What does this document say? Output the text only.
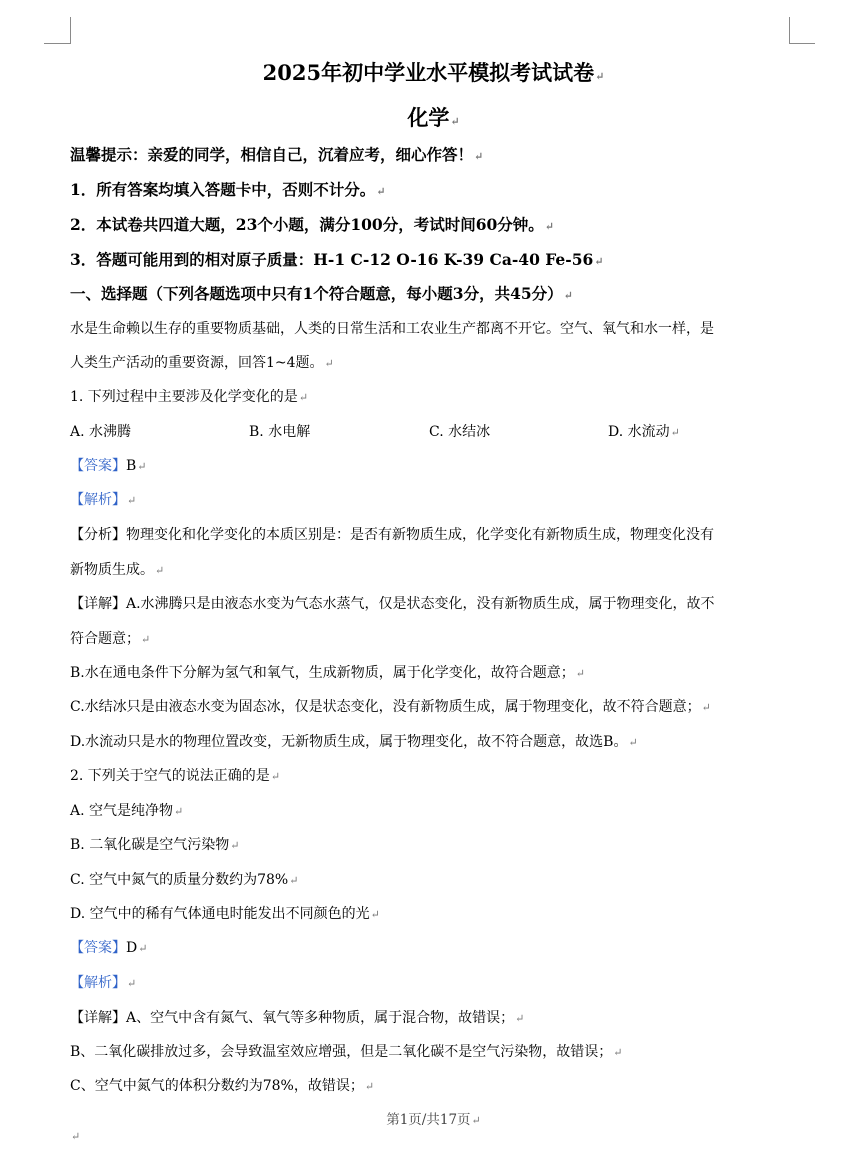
2025年初中学业水平模拟考试试卷↵
化学↵
温馨提示：亲爱的同学，相信自己，沉着应考，细心作答！↵
1．所有答案均填入答题卡中，否则不计分。↵
2．本试卷共四道大题，23个小题，满分100分，考试时间60分钟。↵
3．答题可能用到的相对原子质量：H-1 C-12 O-16 K-39 Ca-40 Fe-56↵
一、选择题（下列各题选项中只有1个符合题意，每小题3分，共45分）↵
水是生命赖以生存的重要物质基础，人类的日常生活和工农业生产都离不开它。空气、氧气和水一样，是
人类生产活动的重要资源，回答1~4题。↵
1. 下列过程中主要涉及化学变化的是↵
A. 水沸腾	B. 水电解	C. 水结冰	D. 水流动↵
【答案】B↵
【解析】↵
【分析】物理变化和化学变化的本质区别是：是否有新物质生成，化学变化有新物质生成，物理变化没有
新物质生成。↵
【详解】A.水沸腾只是由液态水变为气态水蒸气，仅是状态变化，没有新物质生成，属于物理变化，故不
符合题意；↵
B.水在通电条件下分解为氢气和氧气，生成新物质，属于化学变化，故符合题意；↵
C.水结冰只是由液态水变为固态冰，仅是状态变化，没有新物质生成，属于物理变化，故不符合题意；↵
D.水流动只是水的物理位置改变，无新物质生成，属于物理变化，故不符合题意，故选B。↵
2. 下列关于空气的说法正确的是↵
A. 空气是纯净物↵
B. 二氧化碳是空气污染物↵
C. 空气中氮气的质量分数约为78%↵
D. 空气中的稀有气体通电时能发出不同颜色的光↵
【答案】D↵
【解析】↵
【详解】A、空气中含有氮气、氧气等多种物质，属于混合物，故错误；↵
B、二氧化碳排放过多，会导致温室效应增强，但是二氧化碳不是空气污染物，故错误；↵
C、空气中氮气的体积分数约为78%，故错误；↵
第1页/共17页↵
↵
